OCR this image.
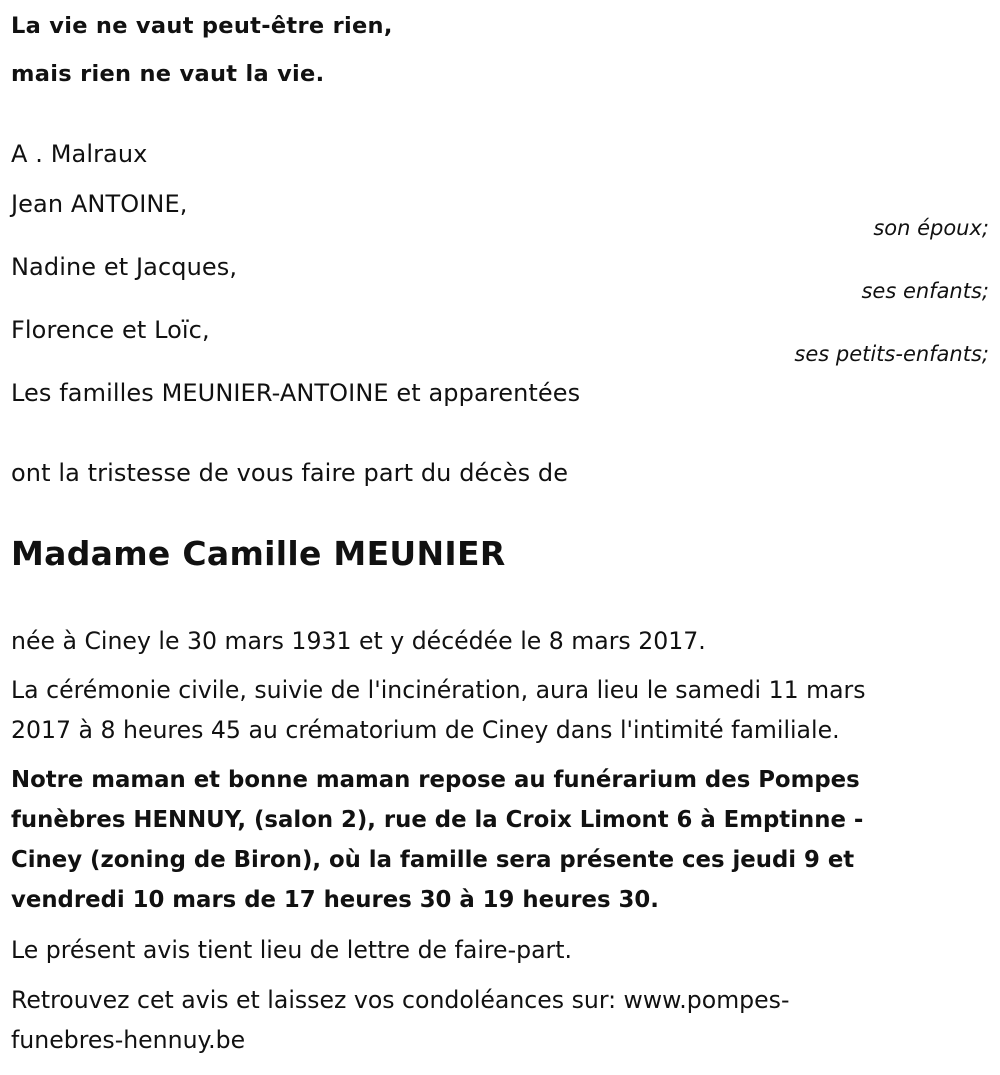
La vie ne vaut peut-être rien,

mais rien ne vaut la vie.

A . Malraux

Jean ANTOINE,

son époux;

Nadine et Jacques,

ses enfants;

Florence et Loïc,

ses petits-enfants;

Les familles MEUNIER-ANTOINE et apparentées

ont la tristesse de vous faire part du décès de

Madame Camille MEUNIER

née à Ciney le 30 mars 1931 et y décédée le 8 mars 2017.

La cérémonie civile, suivie de l'incinération, aura lieu le samedi 11 mars
2017 à 8 heures 45 au crématorium de Ciney dans l'intimité familiale.
Notre maman et bonne maman repose au funérarium des Pompes
funèbres HENNUY, (salon 2), rue de la Croix Limont 6 à Emptinne -
Ciney (zoning de Biron), où la famille sera présente ces jeudi 9 et
vendredi 10 mars de 17 heures 30 à 19 heures 30.

Le présent avis tient lieu de lettre de faire-part.

Retrouvez cet avis et laissez vos condoléances sur: www.pompes-
funebres-hennuy.be
